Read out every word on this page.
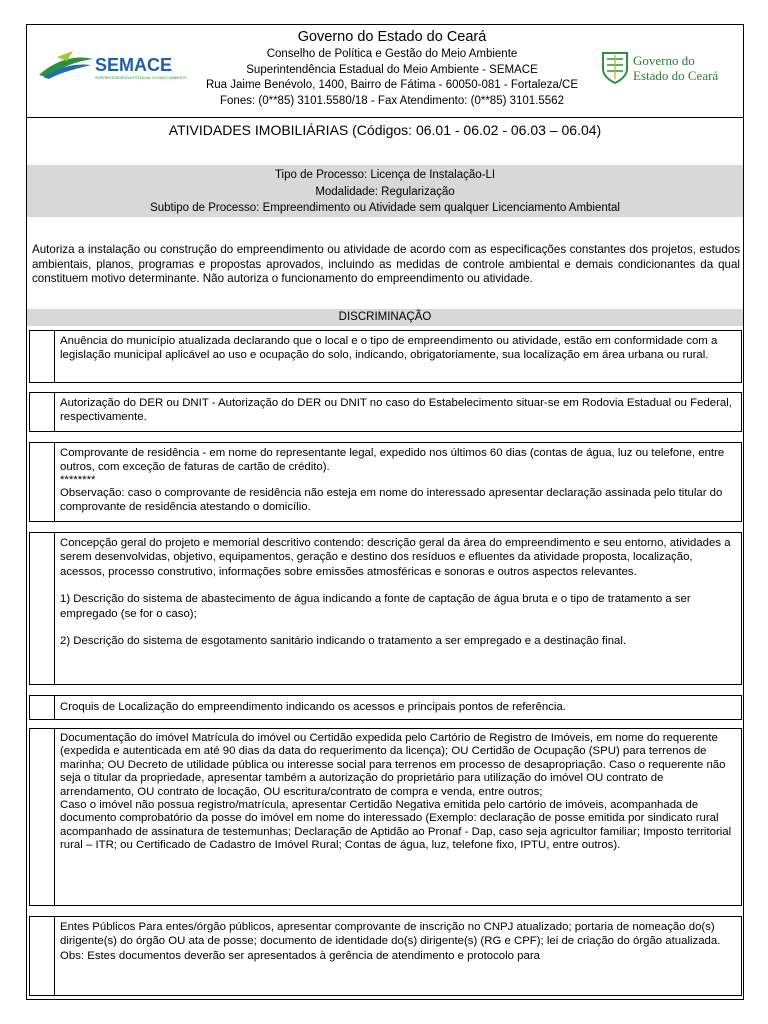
SEMACE
SUPERINTENDÊNCIA ESTADUAL DO MEIO AMBIENTE
Governo do Estado do Ceará
Conselho de Política e Gestão do Meio Ambiente
Superintendência Estadual do Meio Ambiente - SEMACE
Rua Jaime Benévolo, 1400, Bairro de Fátima - 60050-081 - Fortaleza/CE
Fones: (0**85) 3101.5580/18 - Fax Atendimento: (0**85) 3101.5562
Governo do
Estado do Ceará
ATIVIDADES IMOBILIÁRIAS (Códigos: 06.01 - 06.02 - 06.03 – 06.04)
Tipo de Processo: Licença de Instalação-LI
Modalidade: Regularização
Subtipo de Processo: Empreendimento ou Atividade sem qualquer Licenciamento Ambiental
Autoriza a instalação ou construção do empreendimento ou atividade de acordo com as especificações constantes dos projetos, estudos ambientais, planos, programas e propostas aprovados, incluindo as medidas de controle ambiental e demais condicionantes da qual constituem motivo determinante. Não autoriza o funcionamento do empreendimento ou atividade.
DISCRIMINAÇÃO

Anuência do município atualizada declarando que o local e o tipo de empreendimento ou atividade, estão em conformidade com a legislação municipal aplicável ao uso e ocupação do solo, indicando, obrigatoriamente, sua localização em área urbana ou rural.

Autorização do DER ou DNIT - Autorização do DER ou DNIT no caso do Estabelecimento situar-se em Rodovia Estadual ou Federal, respectivamente.

Comprovante de residência - em nome do representante legal, expedido nos últimos 60 dias (contas de água, luz ou telefone, entre outros, com exceção de faturas de cartão de crédito).

********

Observação: caso o comprovante de residência não esteja em nome do interessado apresentar declaração assinada pelo titular do comprovante de residência atestando o domicílio.

Concepção geral do projeto e memorial descritivo contendo: descrição geral da área do empreendimento e seu entorno, atividades a serem desenvolvidas, objetivo, equipamentos, geração e destino dos resíduos e efluentes da atividade proposta, localização, acessos, processo construtivo, informações sobre emissões atmosféricas e sonoras e outros aspectos relevantes.

1) Descrição do sistema de abastecimento de água indicando a fonte de captação de água bruta e o tipo de tratamento a ser empregado (se for o caso);

2) Descrição do sistema de esgotamento sanitário indicando o tratamento a ser empregado e a destinação final.

Croquis de Localização do empreendimento indicando os acessos e principais pontos de referência.

Documentação do imóvel Matrícula do imóvel ou Certidão expedida pelo Cartório de Registro de Imóveis, em nome do requerente (expedida e autenticada em até 90 dias da data do requerimento da licença); OU Certidão de Ocupação (SPU) para terrenos de marinha; OU Decreto de utilidade pública ou interesse social para terrenos em processo de desapropriação. Caso o requerente não seja o titular da propriedade, apresentar também a autorização do proprietário para utilização do imóvel OU contrato de arrendamento, OU contrato de locação, OU escritura/contrato de compra e venda, entre outros;

Caso o imóvel não possua registro/matrícula, apresentar Certidão Negativa emitida pelo cartório de imóveis, acompanhada de documento comprobatório da posse do imóvel em nome do interessado (Exemplo: declaração de posse emitida por sindicato rural acompanhado de assinatura de testemunhas; Declaração de Aptidão ao Pronaf - Dap, caso seja agricultor familiar; Imposto territorial rural – ITR; ou Certificado de Cadastro de Imóvel Rural; Contas de água, luz, telefone fixo, IPTU, entre outros).

Entes Públicos Para entes/órgão públicos, apresentar comprovante de inscrição no CNPJ atualizado; portaria de nomeação do(s) dirigente(s) do órgão OU ata de posse; documento de identidade do(s) dirigente(s) (RG e CPF); lei de criação do órgão atualizada.

Obs: Estes documentos deverão ser apresentados à gerência de atendimento e protocolo para
